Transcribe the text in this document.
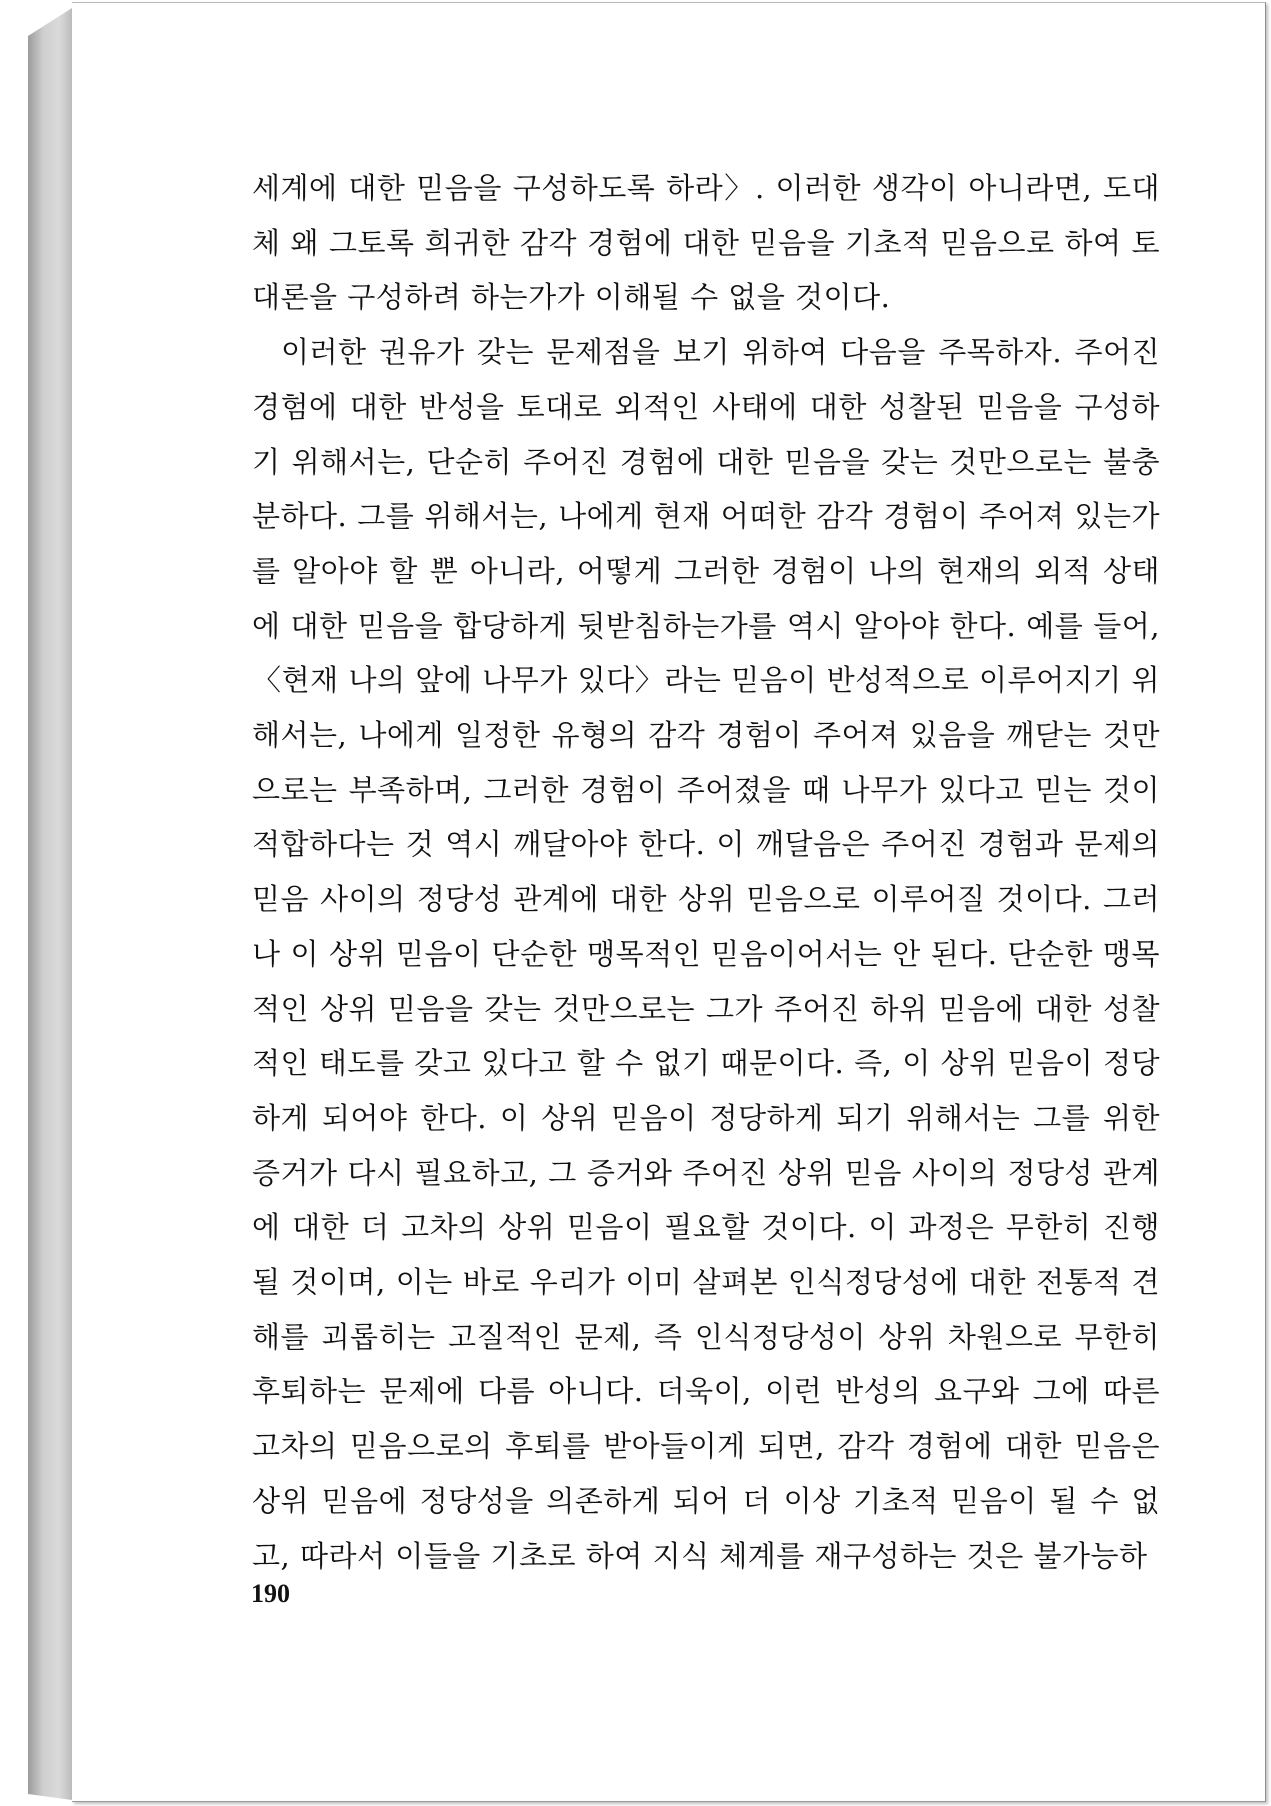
세계에 대한 믿음을 구성하도록 하라〉. 이러한 생각이 아니라면, 도대체 왜 그토록 희귀한 감각 경험에 대한 믿음을 기초적 믿음으로 하여 토대론을 구성하려 하는가가 이해될 수 없을 것이다.

이러한 권유가 갖는 문제점을 보기 위하여 다음을 주목하자. 주어진 경험에 대한 반성을 토대로 외적인 사태에 대한 성찰된 믿음을 구성하기 위해서는, 단순히 주어진 경험에 대한 믿음을 갖는 것만으로는 불충분하다. 그를 위해서는, 나에게 현재 어떠한 감각 경험이 주어져 있는가를 알아야 할 뿐 아니라, 어떻게 그러한 경험이 나의 현재의 외적 상태에 대한 믿음을 합당하게 뒷받침하는가를 역시 알아야 한다. 예를 들어, 〈현재 나의 앞에 나무가 있다〉라는 믿음이 반성적으로 이루어지기 위해서는, 나에게 일정한 유형의 감각 경험이 주어져 있음을 깨닫는 것만으로는 부족하며, 그러한 경험이 주어졌을 때 나무가 있다고 믿는 것이 적합하다는 것 역시 깨달아야 한다. 이 깨달음은 주어진 경험과 문제의 믿음 사이의 정당성 관계에 대한 상위 믿음으로 이루어질 것이다. 그러나 이 상위 믿음이 단순한 맹목적인 믿음이어서는 안 된다. 단순한 맹목적인 상위 믿음을 갖는 것만으로는 그가 주어진 하위 믿음에 대한 성찰적인 태도를 갖고 있다고 할 수 없기 때문이다. 즉, 이 상위 믿음이 정당하게 되어야 한다. 이 상위 믿음이 정당하게 되기 위해서는 그를 위한 증거가 다시 필요하고, 그 증거와 주어진 상위 믿음 사이의 정당성 관계에 대한 더 고차의 상위 믿음이 필요할 것이다. 이 과정은 무한히 진행될 것이며, 이는 바로 우리가 이미 살펴본 인식정당성에 대한 전통적 견해를 괴롭히는 고질적인 문제, 즉 인식정당성이 상위 차원으로 무한히 후퇴하는 문제에 다름 아니다. 더욱이, 이런 반성의 요구와 그에 따른 고차의 믿음으로의 후퇴를 받아들이게 되면, 감각 경험에 대한 믿음은 상위 믿음에 정당성을 의존하게 되어 더 이상 기초적 믿음이 될 수 없고, 따라서 이들을 기초로 하여 지식 체계를 재구성하는 것은 불가능하

190
